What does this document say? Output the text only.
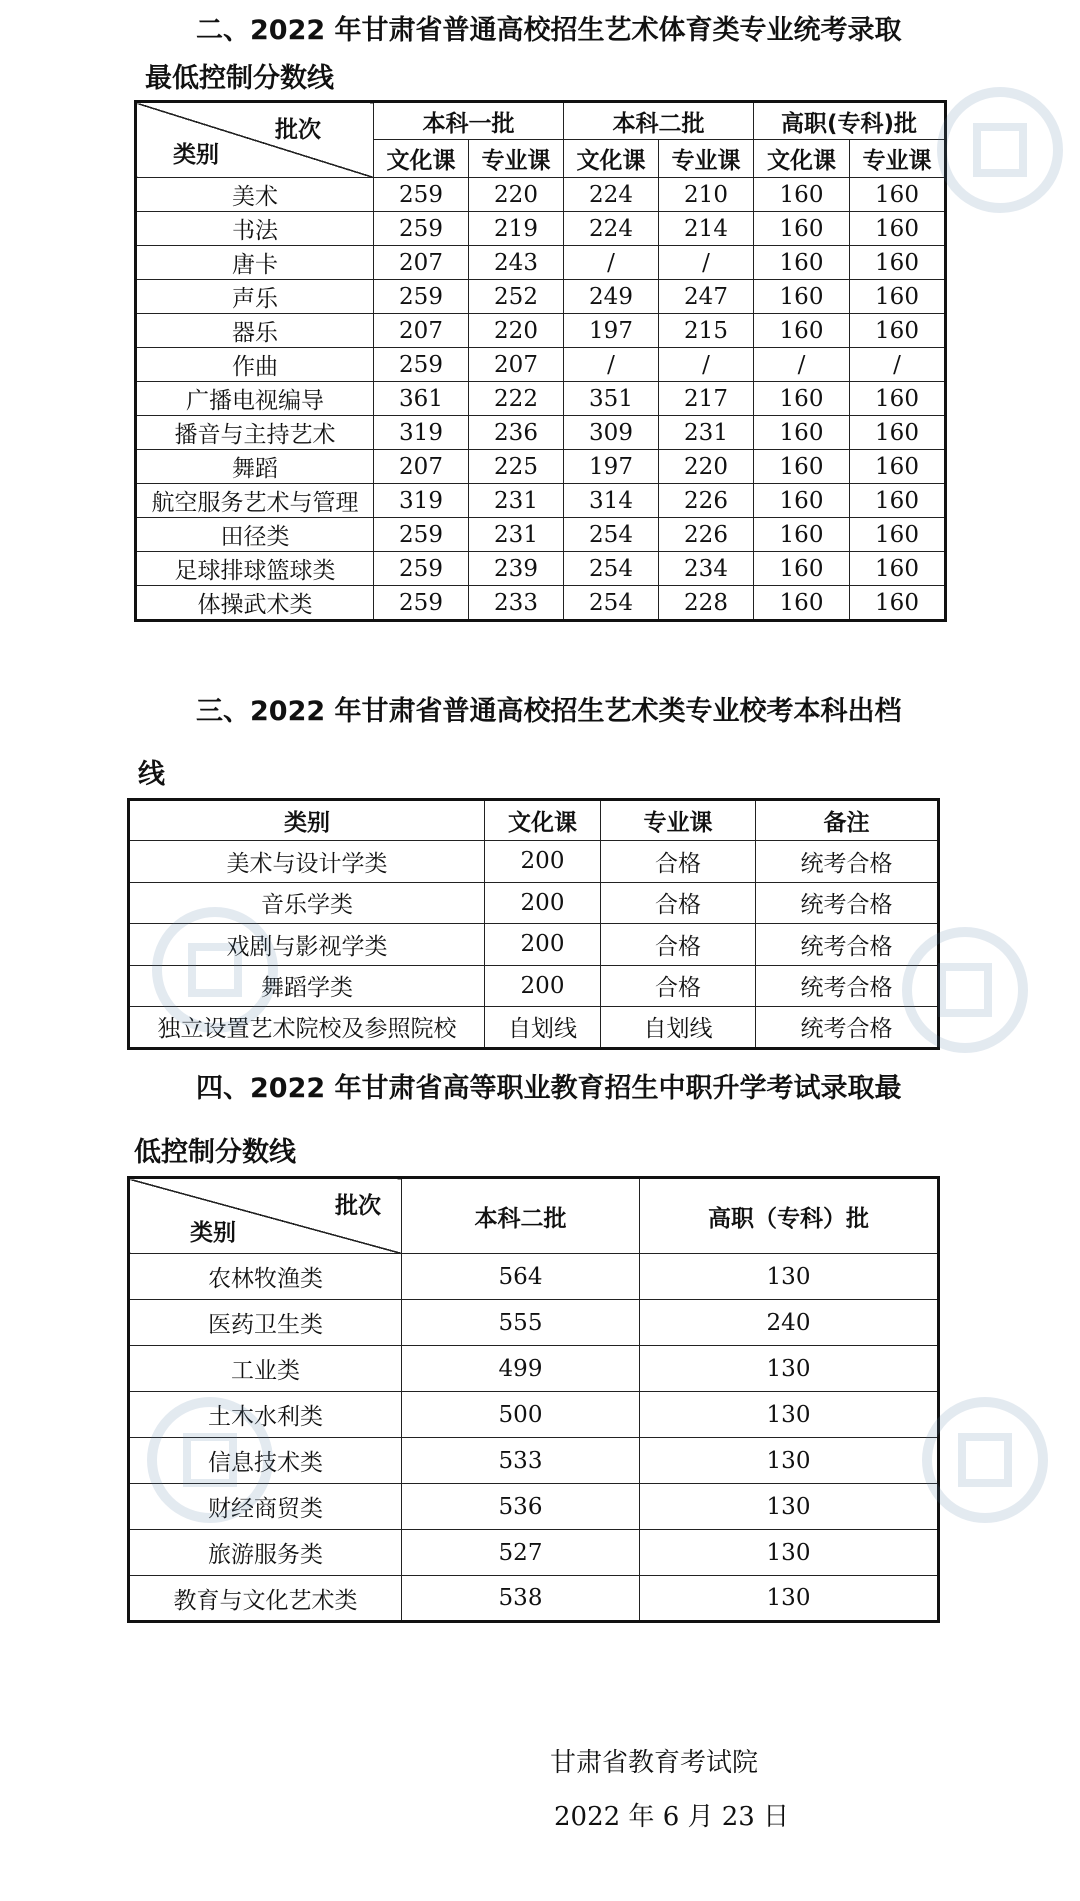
二、2022 年甘肃省普通高校招生艺术体育类专业统考录取
最低控制分数线
批次
类别	本科一批		本科二批		高职(专科)批	
	文化课	专业课	文化课	专业课	文化课	专业课
美术	259	220	224	210	160	160
书法	259	219	224	214	160	160
唐卡	207	243	/	/	160	160
声乐	259	252	249	247	160	160
器乐	207	220	197	215	160	160
作曲	259	207	/	/	/	/
广播电视编导	361	222	351	217	160	160
播音与主持艺术	319	236	309	231	160	160
舞蹈	207	225	197	220	160	160
航空服务艺术与管理	319	231	314	226	160	160
田径类	259	231	254	226	160	160
足球排球篮球类	259	239	254	234	160	160
体操武术类	259	233	254	228	160	160
三、2022 年甘肃省普通高校招生艺术类专业校考本科出档
线
类别	文化课	专业课	备注
美术与设计学类	200	合格	统考合格
音乐学类	200	合格	统考合格
戏剧与影视学类	200	合格	统考合格
舞蹈学类	200	合格	统考合格
独立设置艺术院校及参照院校	自划线	自划线	统考合格
四、2022 年甘肃省高等职业教育招生中职升学考试录取最
低控制分数线
批次
类别	本科二批	高职（专科）批
农林牧渔类	564	130
医药卫生类	555	240
工业类	499	130
土木水利类	500	130
信息技术类	533	130
财经商贸类	536	130
旅游服务类	527	130
教育与文化艺术类	538	130
甘肃省教育考试院
2022 年 6 月 23 日
